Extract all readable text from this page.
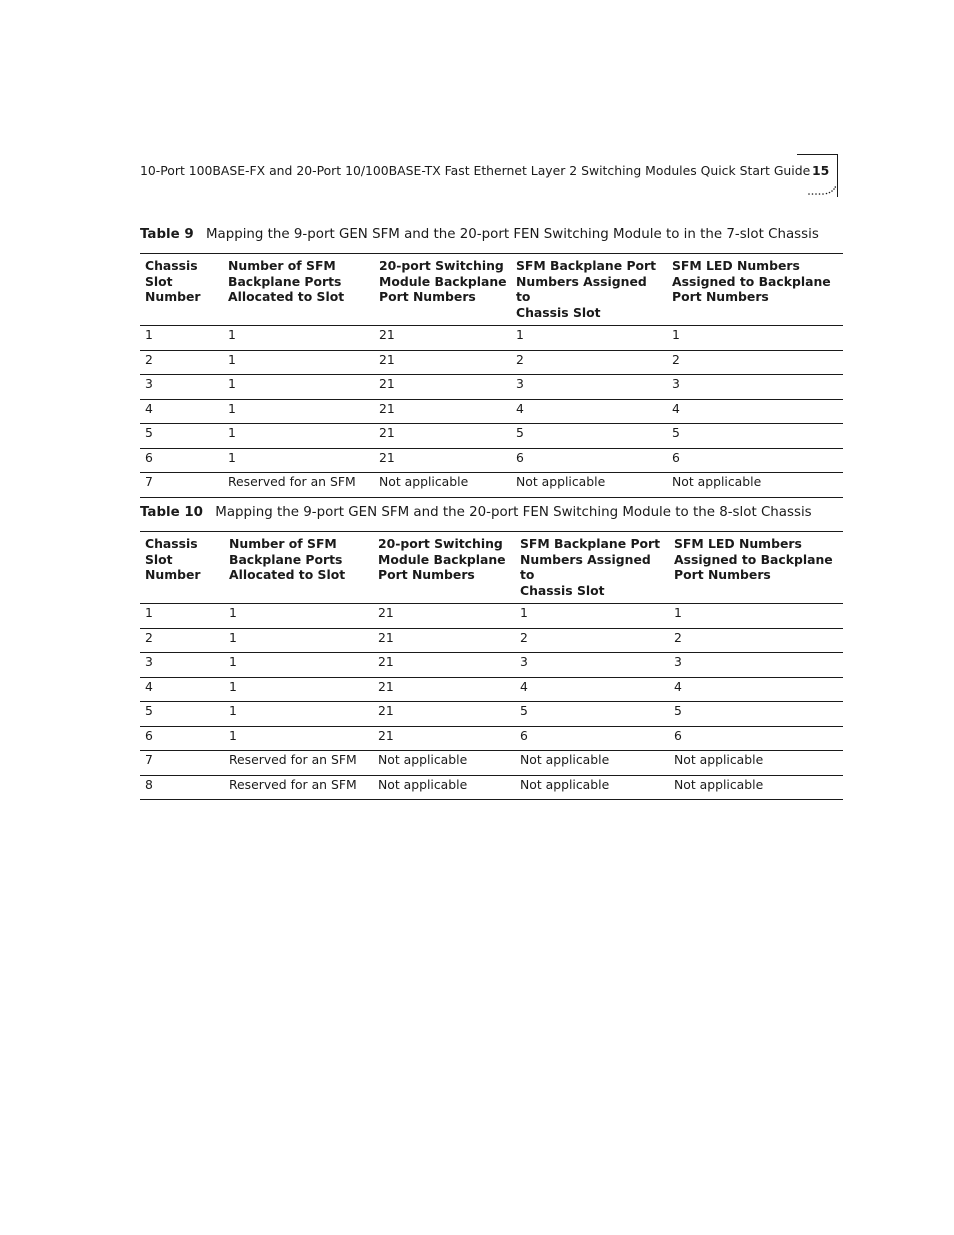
10-Port 100BASE-FX and 20-Port 10/100BASE-TX Fast Ethernet Layer 2 Switching Modules Quick Start Guide 15
Table 9 Mapping the 9-port GEN SFM and the 20-port FEN Switching Module to in the 7-slot Chassis
Chassis
Slot
Number	Number of SFM
Backplane Ports
Allocated to Slot	20-port Switching
Module Backplane
Port Numbers	SFM Backplane Port
Numbers Assigned to
Chassis Slot	SFM LED Numbers
Assigned to Backplane
Port Numbers
1	1	21	1	1
2	1	21	2	2
3	1	21	3	3
4	1	21	4	4
5	1	21	5	5
6	1	21	6	6
7	Reserved for an SFM	Not applicable	Not applicable	Not applicable
Table 10 Mapping the 9-port GEN SFM and the 20-port FEN Switching Module to the 8-slot Chassis
Chassis
Slot
Number	Number of SFM
Backplane Ports
Allocated to Slot	20-port Switching
Module Backplane
Port Numbers	SFM Backplane Port
Numbers Assigned to
Chassis Slot	SFM LED Numbers
Assigned to Backplane
Port Numbers
1	1	21	1	1
2	1	21	2	2
3	1	21	3	3
4	1	21	4	4
5	1	21	5	5
6	1	21	6	6
7	Reserved for an SFM	Not applicable	Not applicable	Not applicable
8	Reserved for an SFM	Not applicable	Not applicable	Not applicable
